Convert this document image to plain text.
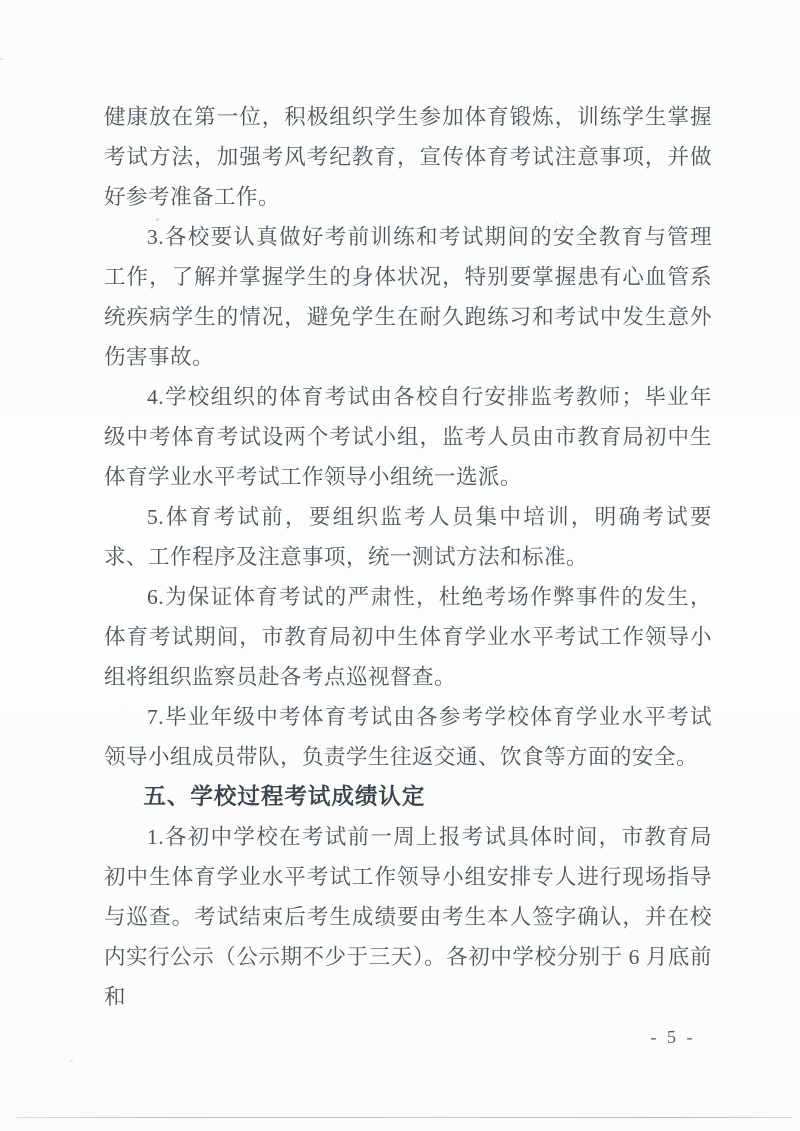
健康放在第一位，积极组织学生参加体育锻炼，训练学生掌握考试方法，加强考风考纪教育，宣传体育考试注意事项，并做好参考准备工作。

3.各校要认真做好考前训练和考试期间的安全教育与管理工作，了解并掌握学生的身体状况，特别要掌握患有心血管系统疾病学生的情况，避免学生在耐久跑练习和考试中发生意外伤害事故。

4.学校组织的体育考试由各校自行安排监考教师；毕业年级中考体育考试设两个考试小组，监考人员由市教育局初中生体育学业水平考试工作领导小组统一选派。

5.体育考试前，要组织监考人员集中培训，明确考试要求、工作程序及注意事项，统一测试方法和标准。

6.为保证体育考试的严肃性，杜绝考场作弊事件的发生，体育考试期间，市教育局初中生体育学业水平考试工作领导小组将组织监察员赴各考点巡视督查。

7.毕业年级中考体育考试由各参考学校体育学业水平考试领导小组成员带队，负责学生往返交通、饮食等方面的安全。

五、学校过程考试成绩认定

1.各初中学校在考试前一周上报考试具体时间，市教育局初中生体育学业水平考试工作领导小组安排专人进行现场指导与巡查。考试结束后考生成绩要由考生本人签字确认，并在校内实行公示（公示期不少于三天）。各初中学校分别于 6 月底前和

- 5 -
